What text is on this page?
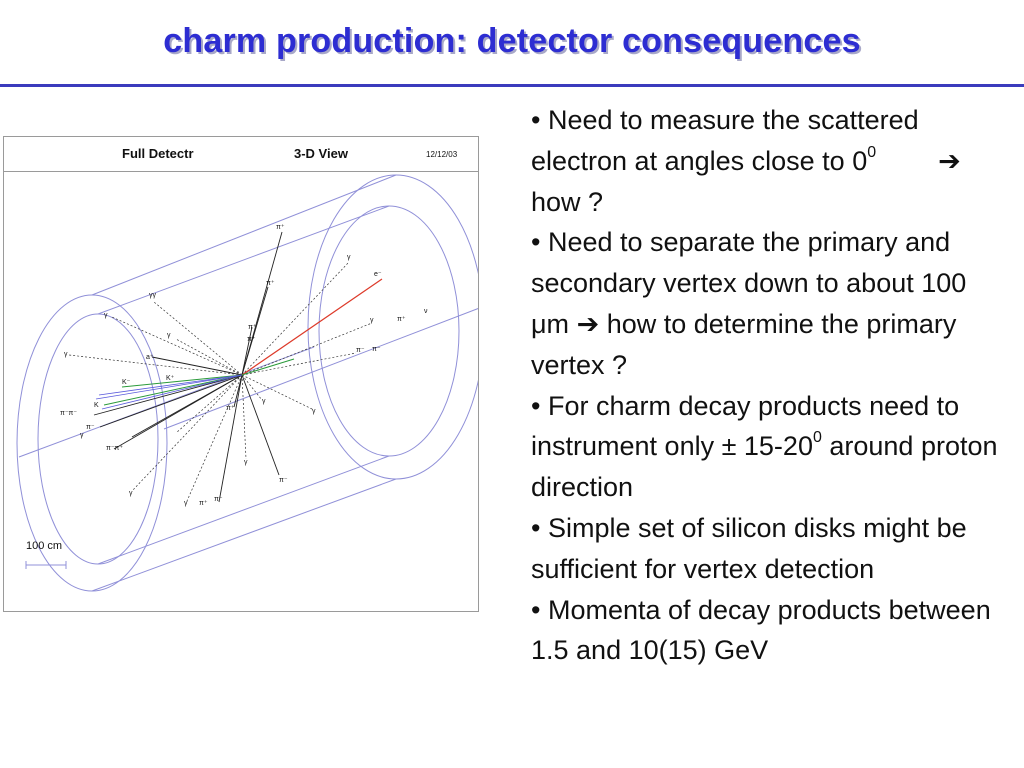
charm production: detector consequences
Full Detectr	3-D View	12/12/03
π⁺
γ
e⁻
π⁺
γ	π⁺
ν
π⁻ π⁻
γγ
γ
π⁺
π⁺
γ	a⁺
γ
K⁺
K⁻
K
π⁻π⁻
π⁻
γ
π⁻π⁺
π⁺
γ
γ
γ
π⁻
γ
γ π⁺
π⁻
100 cm
• Need to measure the scattered electron at angles close to $0^0$ ➔ how ?
• Need to separate the primary and secondary vertex down to about 100 μm ➔ how to determine the primary vertex ?
• For charm decay products need to instrument only ± $15-20^0$ around proton direction
• Simple set of silicon disks might be sufficient for vertex detection
• Momenta of decay products between 1.5 and 10(15) GeV
